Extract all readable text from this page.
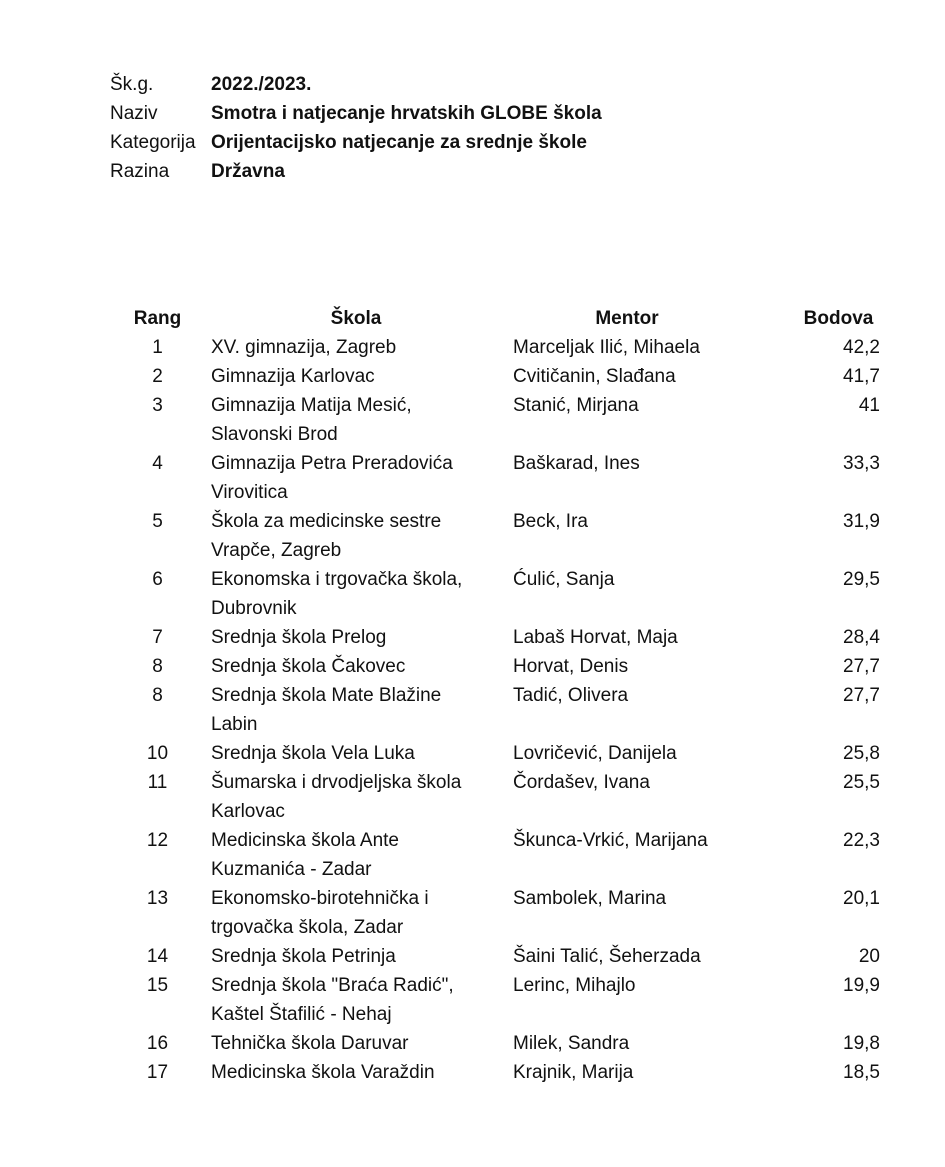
Šk.g.	2022./2023.
Naziv	Smotra i natjecanje hrvatskih GLOBE škola
Kategorija Orijentacijsko natjecanje za srednje škole
Razina	Državna
Rang	Škola	Mentor	Bodova
1	XV. gimnazija, Zagreb	Marceljak Ilić, Mihaela	42,2
2	Gimnazija Karlovac	Cvitičanin, Slađana	41,7
3	Gimnazija Matija Mesić,
Slavonski Brod
Stanić, Mirjana	41
4	Gimnazija Petra Preradovića
Virovitica
Baškarad, Ines	33,3
5	Škola za medicinske sestre
Vrapče, Zagreb
Beck, Ira	31,9
6	Ekonomska i trgovačka škola,
Dubrovnik
Ćulić, Sanja	29,5
7	Srednja škola Prelog	Labaš Horvat, Maja	28,4
8	Srednja škola Čakovec	Horvat, Denis	27,7
8	Srednja škola Mate Blažine
Labin
Tadić, Olivera	27,7
10	Srednja škola Vela Luka	Lovričević, Danijela	25,8
11	Šumarska i drvodjeljska škola
Karlovac
Čordašev, Ivana	25,5
12	Medicinska škola Ante
Kuzmanića - Zadar
Škunca-Vrkić, Marijana	22,3
13	Ekonomsko-birotehnička i
trgovačka škola, Zadar
Sambolek, Marina	20,1
14	Srednja škola Petrinja	Šaini Talić, Šeherzada	20
15	Srednja škola "Braća Radić",
Kaštel Štafilić - Nehaj
Lerinc, Mihajlo	19,9
16	Tehnička škola Daruvar	Milek, Sandra	19,8
17	Medicinska škola Varaždin	Krajnik, Marija	18,5
